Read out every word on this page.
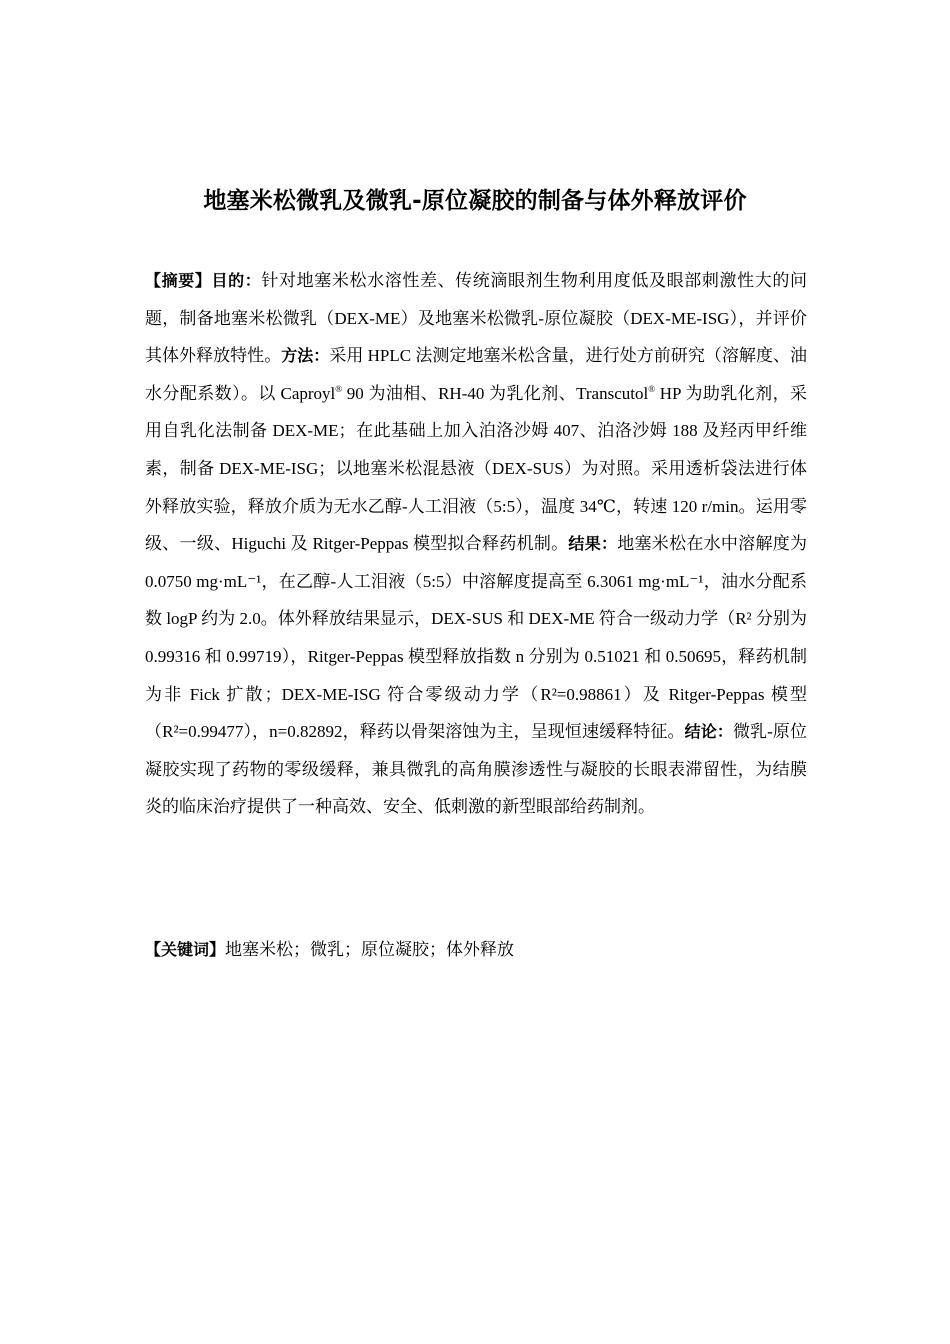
地塞米松微乳及微乳-原位凝胶的制备与体外释放评价
【摘要】目的：针对地塞米松水溶性差、传统滴眼剂生物利用度低及眼部刺激性大的问题，制备地塞米松微乳（DEX-ME）及地塞米松微乳-原位凝胶（DEX-ME-ISG），并评价其体外释放特性。方法：采用 HPLC 法测定地塞米松含量，进行处方前研究（溶解度、油水分配系数）。以 Caproyl® 90 为油相、RH-40 为乳化剂、Transcutol® HP 为助乳化剂，采用自乳化法制备 DEX-ME；在此基础上加入泊洛沙姆 407、泊洛沙姆 188 及羟丙甲纤维素，制备 DEX-ME-ISG；以地塞米松混悬液（DEX-SUS）为对照。采用透析袋法进行体外释放实验，释放介质为无水乙醇-人工泪液（5:5），温度 34℃，转速 120 r/min。运用零级、一级、Higuchi 及 Ritger-Peppas 模型拟合释药机制。结果：地塞米松在水中溶解度为 0.0750 mg·mL⁻¹，在乙醇-人工泪液（5:5）中溶解度提高至 6.3061 mg·mL⁻¹，油水分配系数 logP 约为 2.0。体外释放结果显示，DEX-SUS 和 DEX-ME 符合一级动力学（R² 分别为 0.99316 和 0.99719），Ritger-Peppas 模型释放指数 n 分别为 0.51021 和 0.50695，释药机制为非 Fick 扩散；DEX-ME-ISG 符合零级动力学（R²=0.98861）及 Ritger-Peppas 模型（R²=0.99477），n=0.82892，释药以骨架溶蚀为主，呈现恒速缓释特征。结论：微乳-原位凝胶实现了药物的零级缓释，兼具微乳的高角膜渗透性与凝胶的长眼表滞留性，为结膜炎的临床治疗提供了一种高效、安全、低刺激的新型眼部给药制剂。
【关键词】地塞米松；微乳；原位凝胶；体外释放
